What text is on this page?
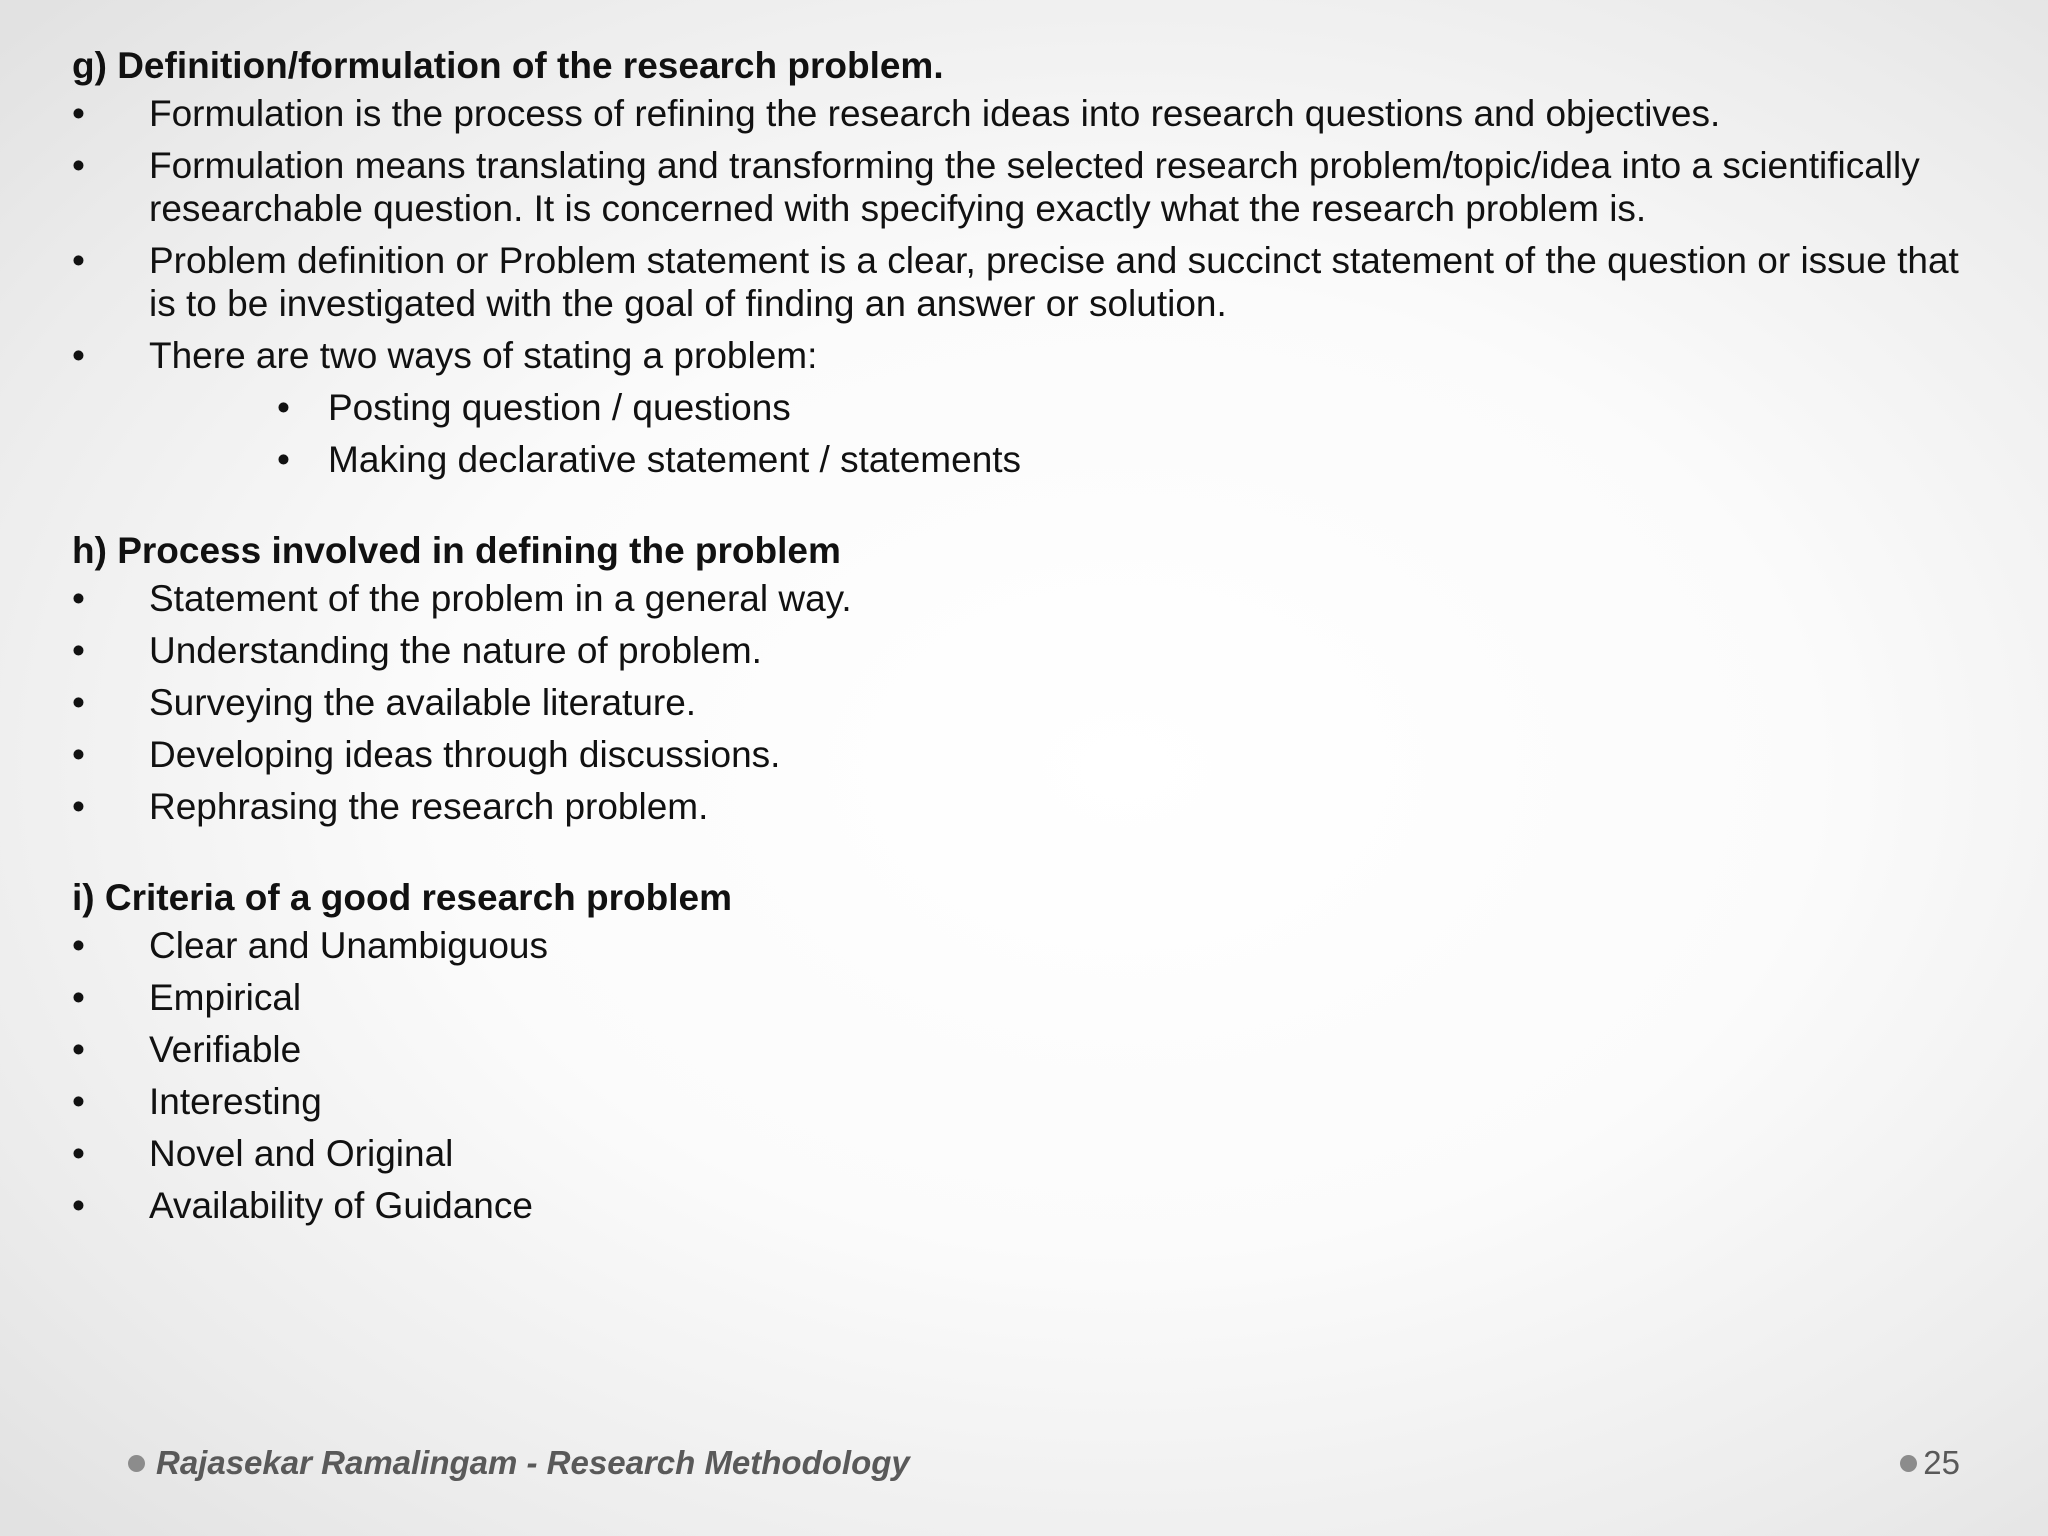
g) Definition/formulation of the research problem.

•	Formulation is the process of refining the research ideas into research questions and objectives.
•	Formulation means translating and transforming the selected research problem/topic/idea into a scientifically researchable question. It is concerned with specifying exactly what the research problem is.
•	Problem definition or Problem statement is a clear, precise and succinct statement of the question or issue that is to be investigated with the goal of finding an answer or solution.
•	There are two ways of stating a problem:
• Posting question / questions
• Making declarative statement / statements

h) Process involved in defining the problem

•	Statement of the problem in a general way.
•	Understanding the nature of problem.
•	Surveying the available literature.
•	Developing ideas through discussions.
•	Rephrasing the research problem.

i) Criteria of a good research problem

•	Clear and Unambiguous
•	Empirical
•	Verifiable
•	Interesting
•	Novel and Original
•	Availability of Guidance
Rajasekar Ramalingam - Research Methodology	25
